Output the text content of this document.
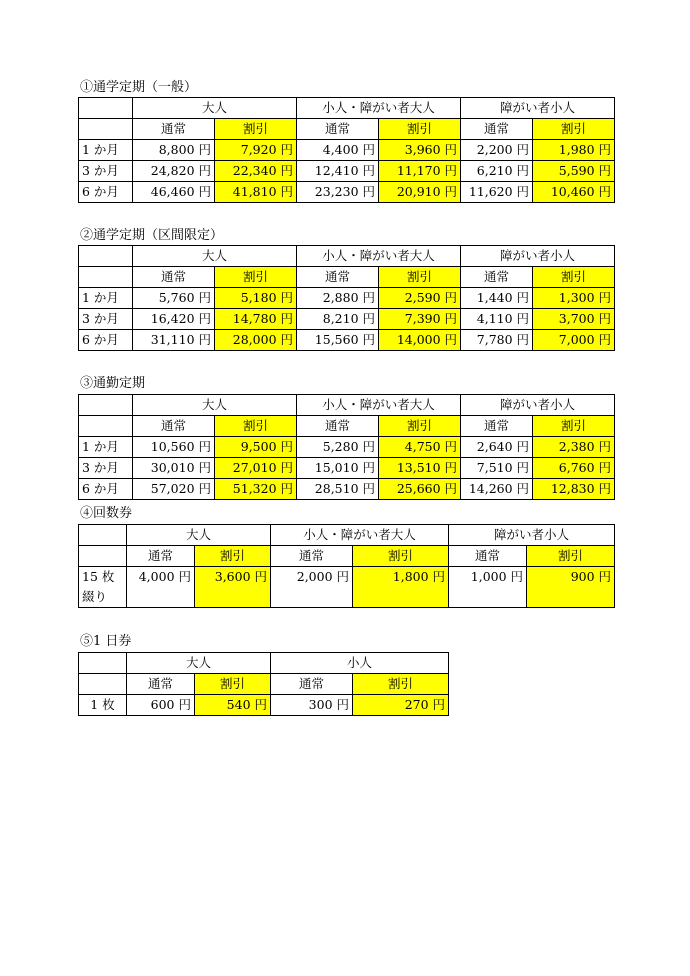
①通学定期（一般）
	大人		小人・障がい者大人		障がい者小人	
	通常	割引	通常	割引	通常	割引
1 か月	8,800 円	7,920 円	4,400 円	3,960 円	2,200 円	1,980 円
3 か月	24,820 円	22,340 円	12,410 円	11,170 円	6,210 円	5,590 円
6 か月	46,460 円	41,810 円	23,230 円	20,910 円	11,620 円	10,460 円
②通学定期（区間限定）
	大人		小人・障がい者大人		障がい者小人	
	通常	割引	通常	割引	通常	割引
1 か月	5,760 円	5,180 円	2,880 円	2,590 円	1,440 円	1,300 円
3 か月	16,420 円	14,780 円	8,210 円	7,390 円	4,110 円	3,700 円
6 か月	31,110 円	28,000 円	15,560 円	14,000 円	7,780 円	7,000 円
③通勤定期
	大人		小人・障がい者大人		障がい者小人	
	通常	割引	通常	割引	通常	割引
1 か月	10,560 円	9,500 円	5,280 円	4,750 円	2,640 円	2,380 円
3 か月	30,010 円	27,010 円	15,010 円	13,510 円	7,510 円	6,760 円
6 か月	57,020 円	51,320 円	28,510 円	25,660 円	14,260 円	12,830 円
④回数券
	大人		小人・障がい者大人		障がい者小人	
	通常	割引	通常	割引	通常	割引
15 枚綴り	4,000 円	3,600 円	2,000 円	1,800 円	1,000 円	900 円
⑤1 日券
	大人		小人	
	通常	割引	通常	割引
1 枚	600 円	540 円	300 円	270 円
